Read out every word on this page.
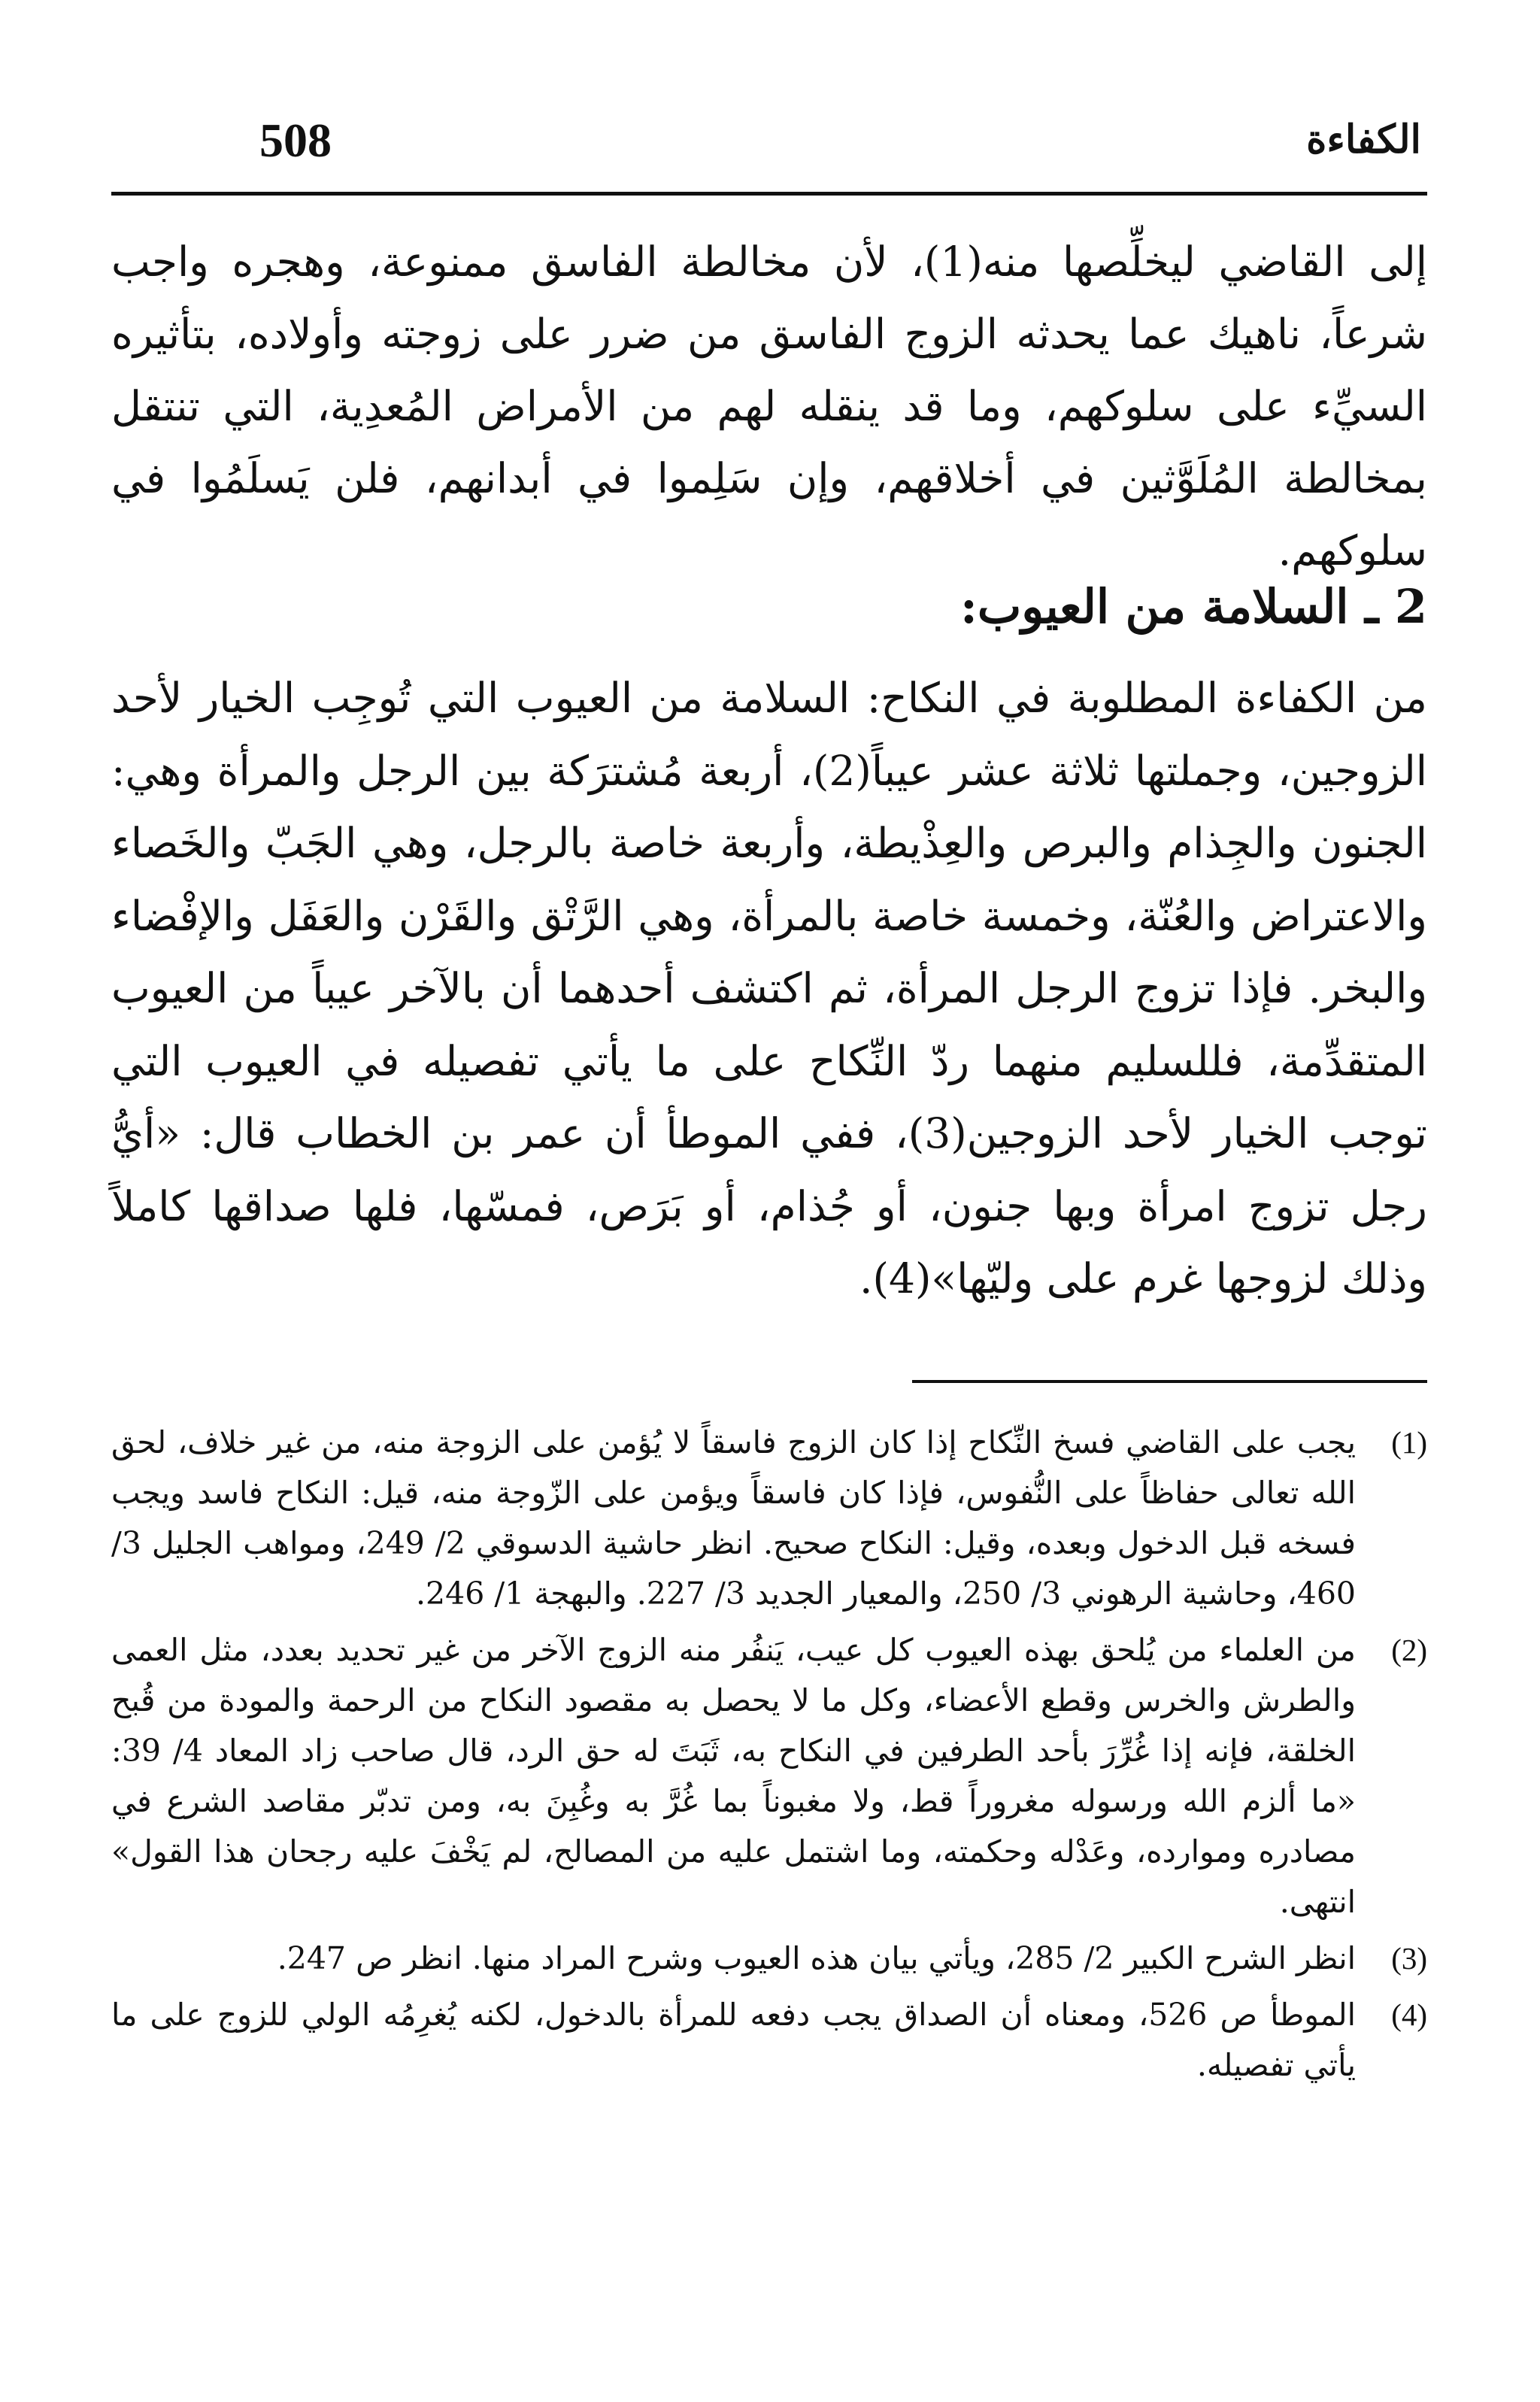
508	الكفاءة

إلى القاضي ليخلِّصها منه(1)، لأن مخالطة الفاسق ممنوعة، وهجره واجب شرعاً، ناهيك عما يحدثه الزوج الفاسق من ضرر على زوجته وأولاده، بتأثيره السيِّء على سلوكهم، وما قد ينقله لهم من الأمراض المُعدِية، التي تنتقل بمخالطة المُلَوَّثين في أخلاقهم، وإن سَلِموا في أبدانهم، فلن يَسلَمُوا في سلوكهم.

2 ـ السلامة من العيوب:

من الكفاءة المطلوبة في النكاح: السلامة من العيوب التي تُوجِب الخيار لأحد الزوجين، وجملتها ثلاثة عشر عيباً(2)، أربعة مُشترَكة بين الرجل والمرأة وهي: الجنون والجِذام والبرص والعِذْيطة، وأربعة خاصة بالرجل، وهي الجَبّ والخَصاء والاعتراض والعُنّة، وخمسة خاصة بالمرأة، وهي الرَّتْق والقَرْن والعَفَل والإفْضاء والبخر. فإذا تزوج الرجل المرأة، ثم اكتشف أحدهما أن بالآخر عيباً من العيوب المتقدِّمة، فللسليم منهما ردّ النِّكاح على ما يأتي تفصيله في العيوب التي توجب الخيار لأحد الزوجين(3)، ففي الموطأ أن عمر بن الخطاب قال: «أيُّ رجل تزوج امرأة وبها جنون، أو جُذام، أو بَرَص، فمسّها، فلها صداقها كاملاً وذلك لزوجها غرم على وليّها»(4).

(1)
يجب على القاضي فسخ النِّكاح إذا كان الزوج فاسقاً لا يُؤمن على الزوجة منه، من غير خلاف، لحق الله تعالى حفاظاً على النُّفوس، فإذا كان فاسقاً ويؤمن على الزّوجة منه، قيل: النكاح فاسد ويجب فسخه قبل الدخول وبعده، وقيل: النكاح صحيح. انظر حاشية الدسوقي 2/ 249، ومواهب الجليل 3/ 460، وحاشية الرهوني 3/ 250، والمعيار الجديد 3/ 227. والبهجة 1/ 246.
(2)
من العلماء من يُلحق بهذه العيوب كل عيب، يَنفُر منه الزوج الآخر من غير تحديد بعدد، مثل العمى والطرش والخرس وقطع الأعضاء، وكل ما لا يحصل به مقصود النكاح من الرحمة والمودة من قُبح الخلقة، فإنه إذا غُرِّرَ بأحد الطرفين في النكاح به، ثَبَتَ له حق الرد، قال صاحب زاد المعاد 4/ 39: «ما ألزم الله ورسوله مغروراً قط، ولا مغبوناً بما غُرَّ به وغُبِنَ به، ومن تدبّر مقاصد الشرع في مصادره وموارده، وعَدْله وحكمته، وما اشتمل عليه من المصالح، لم يَخْفَ عليه رجحان هذا القول» انتهى.
(3)
انظر الشرح الكبير 2/ 285، ويأتي بيان هذه العيوب وشرح المراد منها. انظر ص 247.
(4)
الموطأ ص 526، ومعناه أن الصداق يجب دفعه للمرأة بالدخول، لكنه يُغرِمُه الولي للزوج على ما يأتي تفصيله.
